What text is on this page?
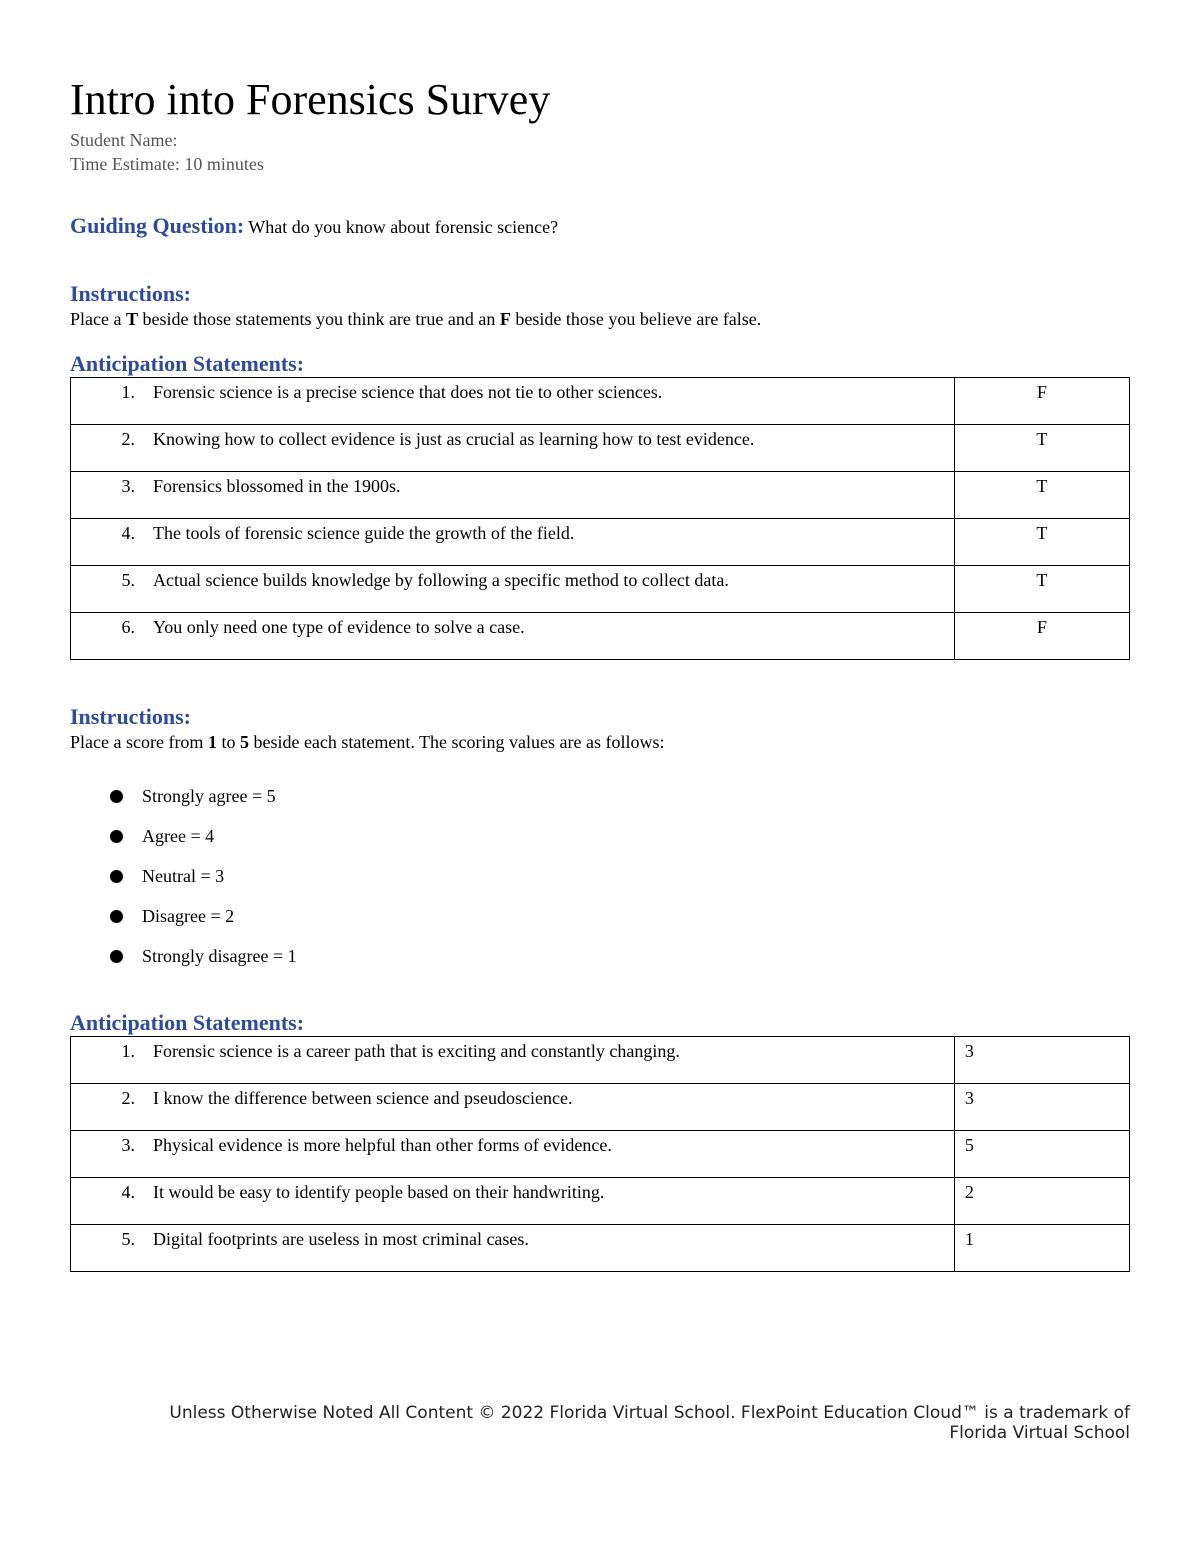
Intro into Forensics Survey
Student Name:
Time Estimate: 10 minutes
Guiding Question: What do you know about forensic science?
Instructions:
Place a T beside those statements you think are true and an F beside those you believe are false.
Anticipation Statements:
1. Forensic science is a precise science that does not tie to other sciences.	F
2. Knowing how to collect evidence is just as crucial as learning how to test evidence.	T
3. Forensics blossomed in the 1900s.	T
4. The tools of forensic science guide the growth of the field.	T
5. Actual science builds knowledge by following a specific method to collect data.	T
6. You only need one type of evidence to solve a case.	F
Instructions:
Place a score from 1 to 5 beside each statement. The scoring values are as follows:
Strongly agree = 5
Agree = 4
Neutral = 3
Disagree = 2
Strongly disagree = 1
Anticipation Statements:
1. Forensic science is a career path that is exciting and constantly changing.	3
2. I know the difference between science and pseudoscience.	3
3. Physical evidence is more helpful than other forms of evidence.	5
4. It would be easy to identify people based on their handwriting.	2
5. Digital footprints are useless in most criminal cases.	1
Unless Otherwise Noted All Content © 2022 Florida Virtual School. FlexPoint Education Cloud™ is a trademark of
Florida Virtual School
